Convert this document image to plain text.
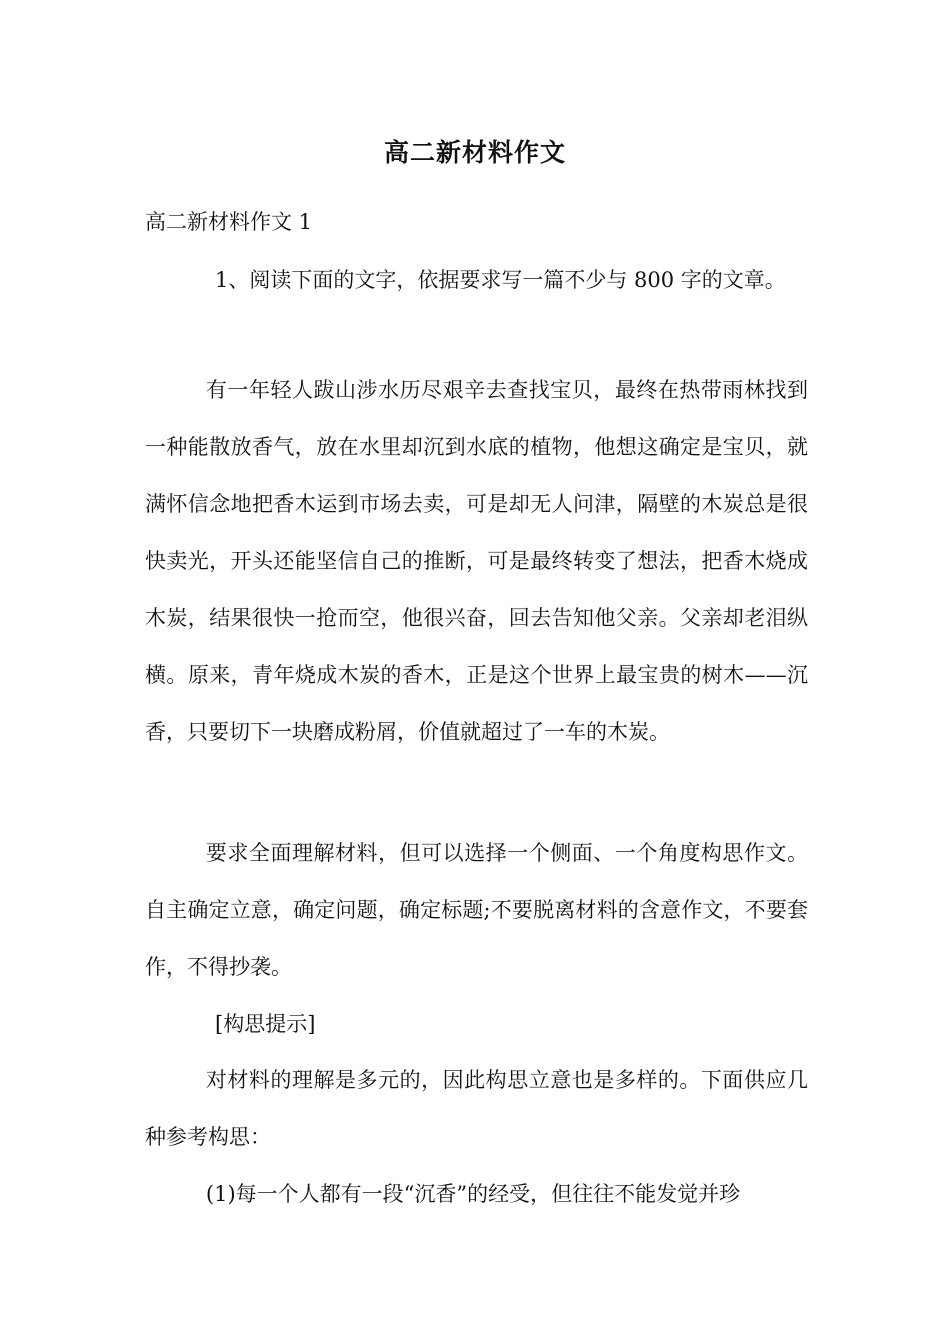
高二新材料作文
高二新材料作文 1
1、阅读下面的文字，依据要求写一篇不少与 800 字的文章。

有一年轻人跋山涉水历尽艰辛去查找宝贝，最终在热带雨林找到一种能散放香气，放在水里却沉到水底的植物，他想这确定是宝贝，就满怀信念地把香木运到市场去卖，可是却无人问津，隔壁的木炭总是很快卖光，开头还能坚信自己的推断，可是最终转变了想法，把香木烧成木炭，结果很快一抢而空，他很兴奋，回去告知他父亲。父亲却老泪纵横。原来，青年烧成木炭的香木，正是这个世界上最宝贵的树木——沉香，只要切下一块磨成粉屑，价值就超过了一车的木炭。

要求全面理解材料，但可以选择一个侧面、一个角度构思作文。自主确定立意，确定问题，确定标题;不要脱离材料的含意作文，不要套作，不得抄袭。

[构思提示]

对材料的理解是多元的，因此构思立意也是多样的。下面供应几种参考构思：

(1)每一个人都有一段“沉香”的经受，但往往不能发觉并珍
